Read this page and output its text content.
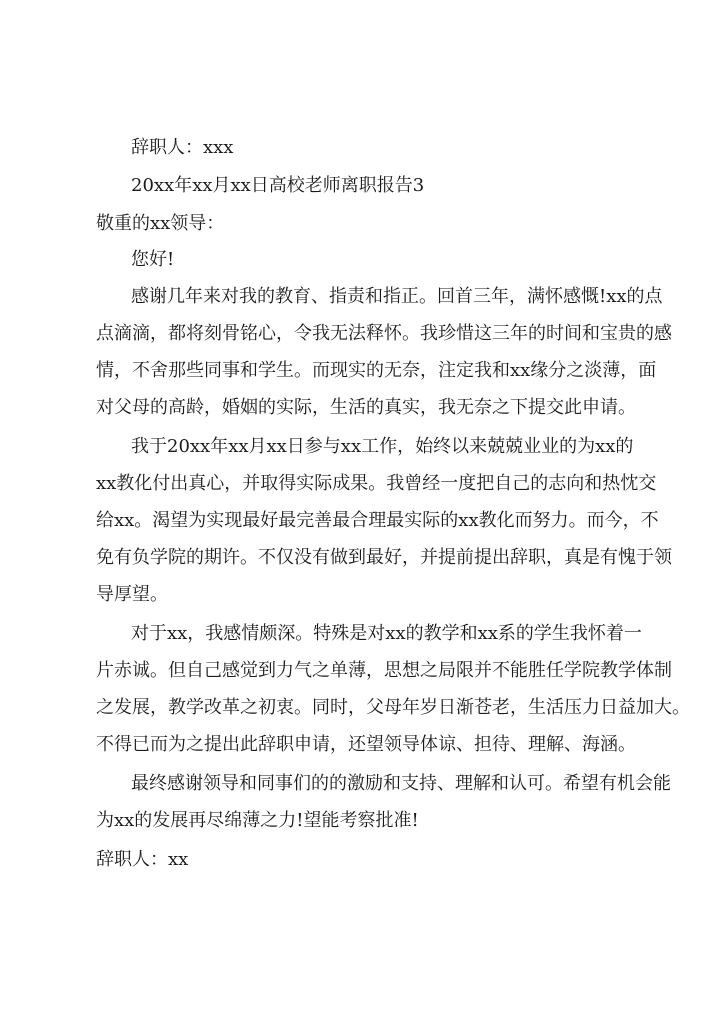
辞职人：xxx
20xx年xx月xx日高校老师离职报告3
敬重的xx领导：
您好!
感谢几年来对我的教育、指责和指正。回首三年，满怀感慨!xx的点
点滴滴，都将刻骨铭心，令我无法释怀。我珍惜这三年的时间和宝贵的感
情，不舍那些同事和学生。而现实的无奈，注定我和xx缘分之淡薄，面
对父母的高龄，婚姻的实际，生活的真实，我无奈之下提交此申请。
我于20xx年xx月xx日参与xx工作，始终以来兢兢业业的为xx的
xx教化付出真心，并取得实际成果。我曾经一度把自己的志向和热忱交
给xx。渴望为实现最好最完善最合理最实际的xx教化而努力。而今，不
免有负学院的期许。不仅没有做到最好，并提前提出辞职，真是有愧于领
导厚望。
对于xx，我感情颇深。特殊是对xx的教学和xx系的学生我怀着一
片赤诚。但自己感觉到力气之单薄，思想之局限并不能胜任学院教学体制
之发展，教学改革之初衷。同时，父母年岁日渐苍老，生活压力日益加大。
不得已而为之提出此辞职申请，还望领导体谅、担待、理解、海涵。
最终感谢领导和同事们的的激励和支持、理解和认可。希望有机会能
为xx的发展再尽绵薄之力!望能考察批准!
辞职人：xx
